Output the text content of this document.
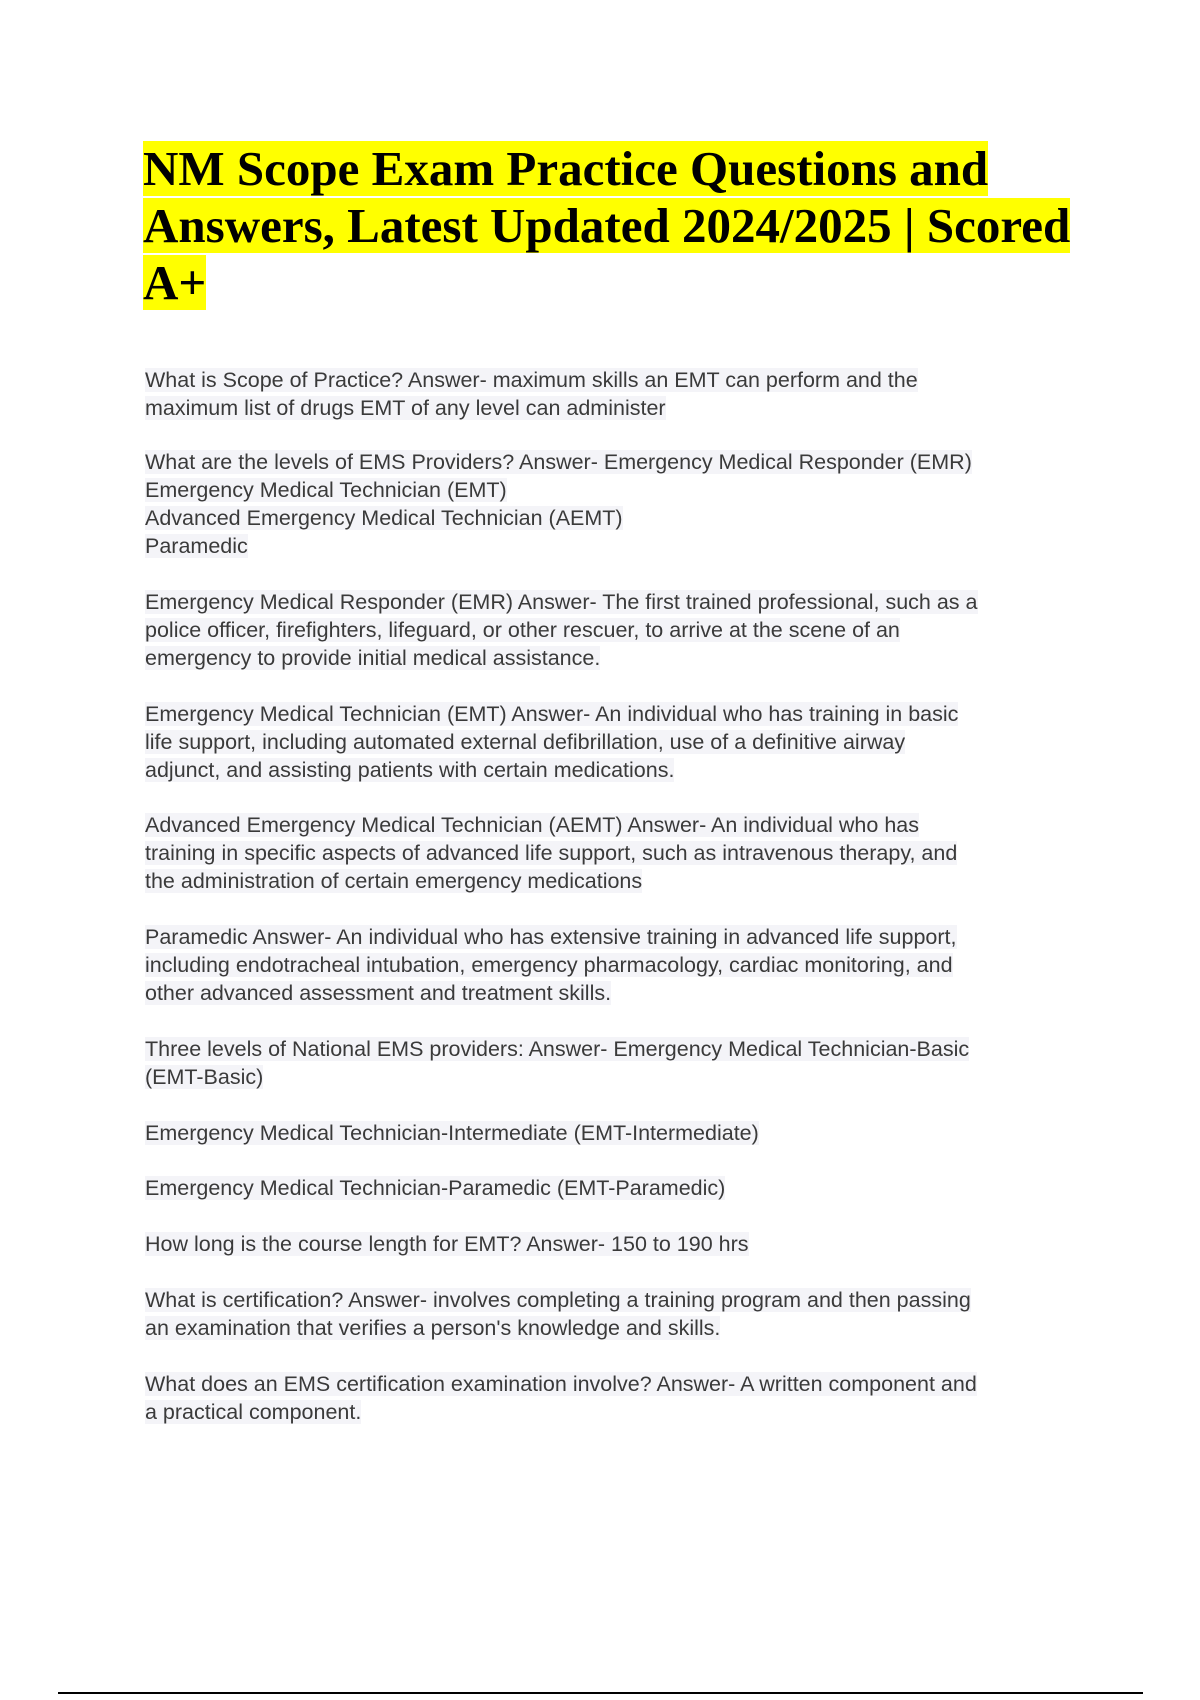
NM Scope Exam Practice Questions and
Answers, Latest Updated 2024/2025 | Scored
A+
What is Scope of Practice? Answer- maximum skills an EMT can perform and the
maximum list of drugs EMT of any level can administer
What are the levels of EMS Providers? Answer- Emergency Medical Responder (EMR)
Emergency Medical Technician (EMT)
Advanced Emergency Medical Technician (AEMT)
Paramedic
Emergency Medical Responder (EMR) Answer- The first trained professional, such as a
police officer, firefighters, lifeguard, or other rescuer, to arrive at the scene of an
emergency to provide initial medical assistance.
Emergency Medical Technician (EMT) Answer- An individual who has training in basic
life support, including automated external defibrillation, use of a definitive airway
adjunct, and assisting patients with certain medications.
Advanced Emergency Medical Technician (AEMT) Answer- An individual who has
training in specific aspects of advanced life support, such as intravenous therapy, and
the administration of certain emergency medications
Paramedic Answer- An individual who has extensive training in advanced life support,
including endotracheal intubation, emergency pharmacology, cardiac monitoring, and
other advanced assessment and treatment skills.
Three levels of National EMS providers: Answer- Emergency Medical Technician-Basic
(EMT-Basic)
Emergency Medical Technician-Intermediate (EMT-Intermediate)
Emergency Medical Technician-Paramedic (EMT-Paramedic)
How long is the course length for EMT? Answer- 150 to 190 hrs
What is certification? Answer- involves completing a training program and then passing
an examination that verifies a person's knowledge and skills.
What does an EMS certification examination involve? Answer- A written component and
a practical component.
